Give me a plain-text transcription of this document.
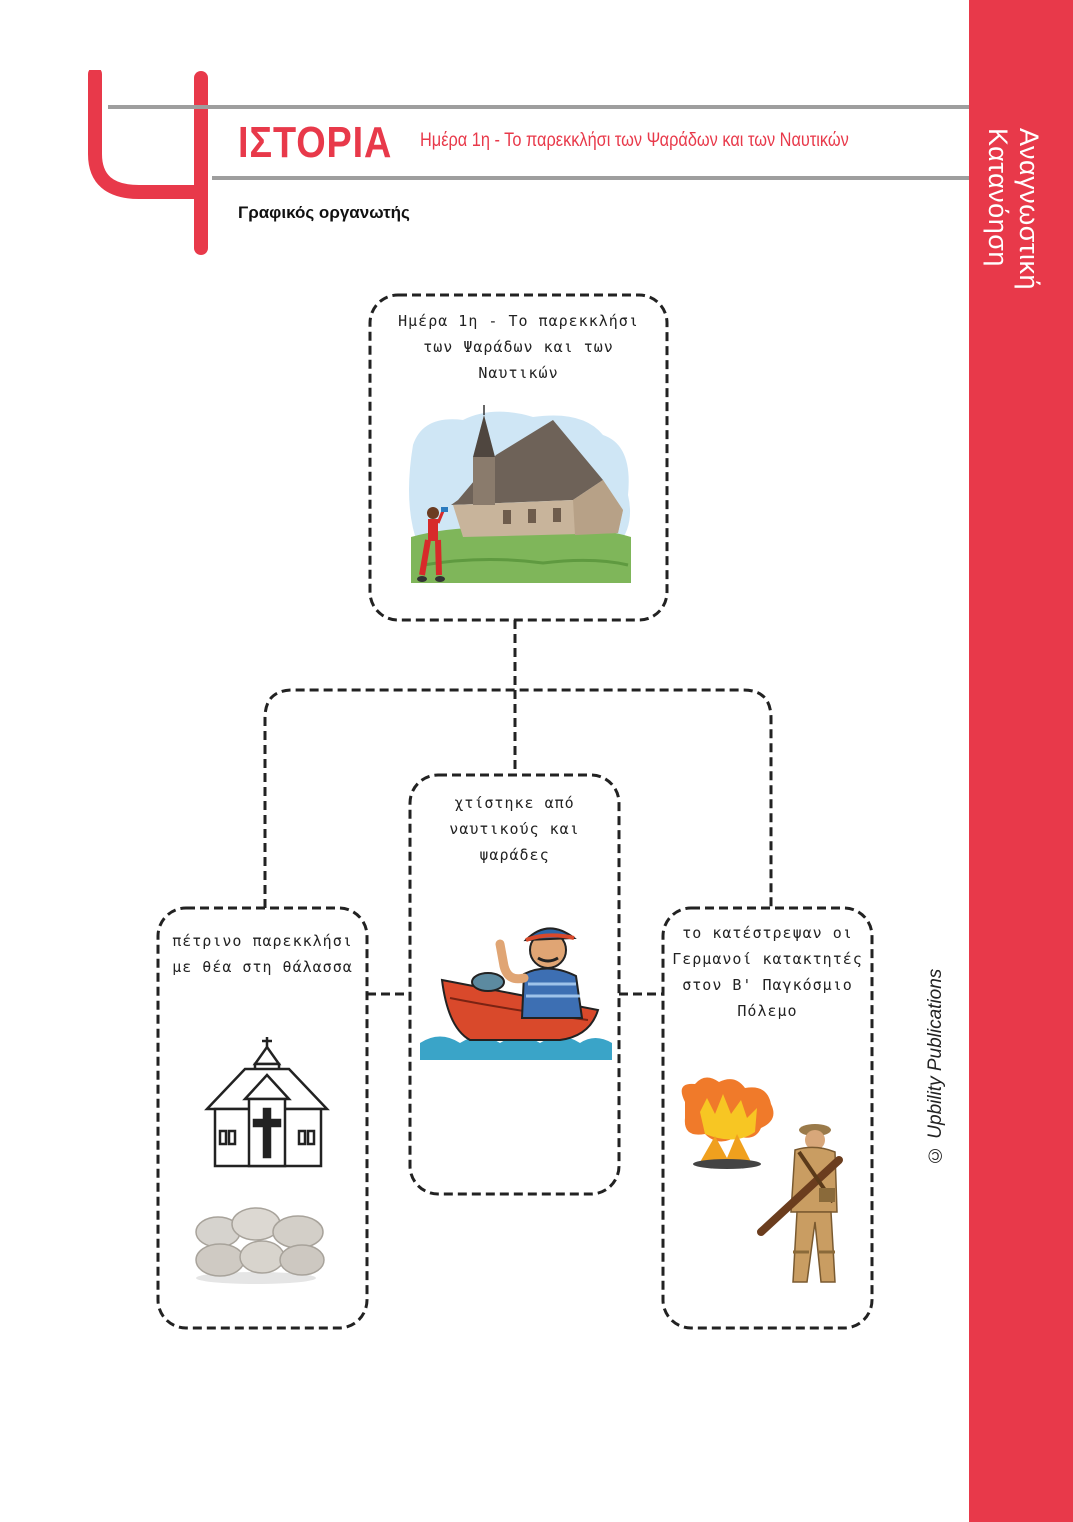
Αναγνωστική Κατανόηση
ΙΣΤΟΡΙΑ Ημέρα 1η - Το παρεκκλήσι των Ψαράδων και των Ναυτικών
Γραφικός οργανωτής
Ημέρα 1η - Το παρεκκλήσι των Ψαράδων και των Ναυτικών
χτίστηκε από ναυτικούς και ψαράδες
πέτρινο παρεκκλήσι με θέα στη θάλασσα
το κατέστρεψαν οι Γερμανοί κατακτητές στον Β' Παγκόσμιο Πόλεμο	© Upbility Publications
